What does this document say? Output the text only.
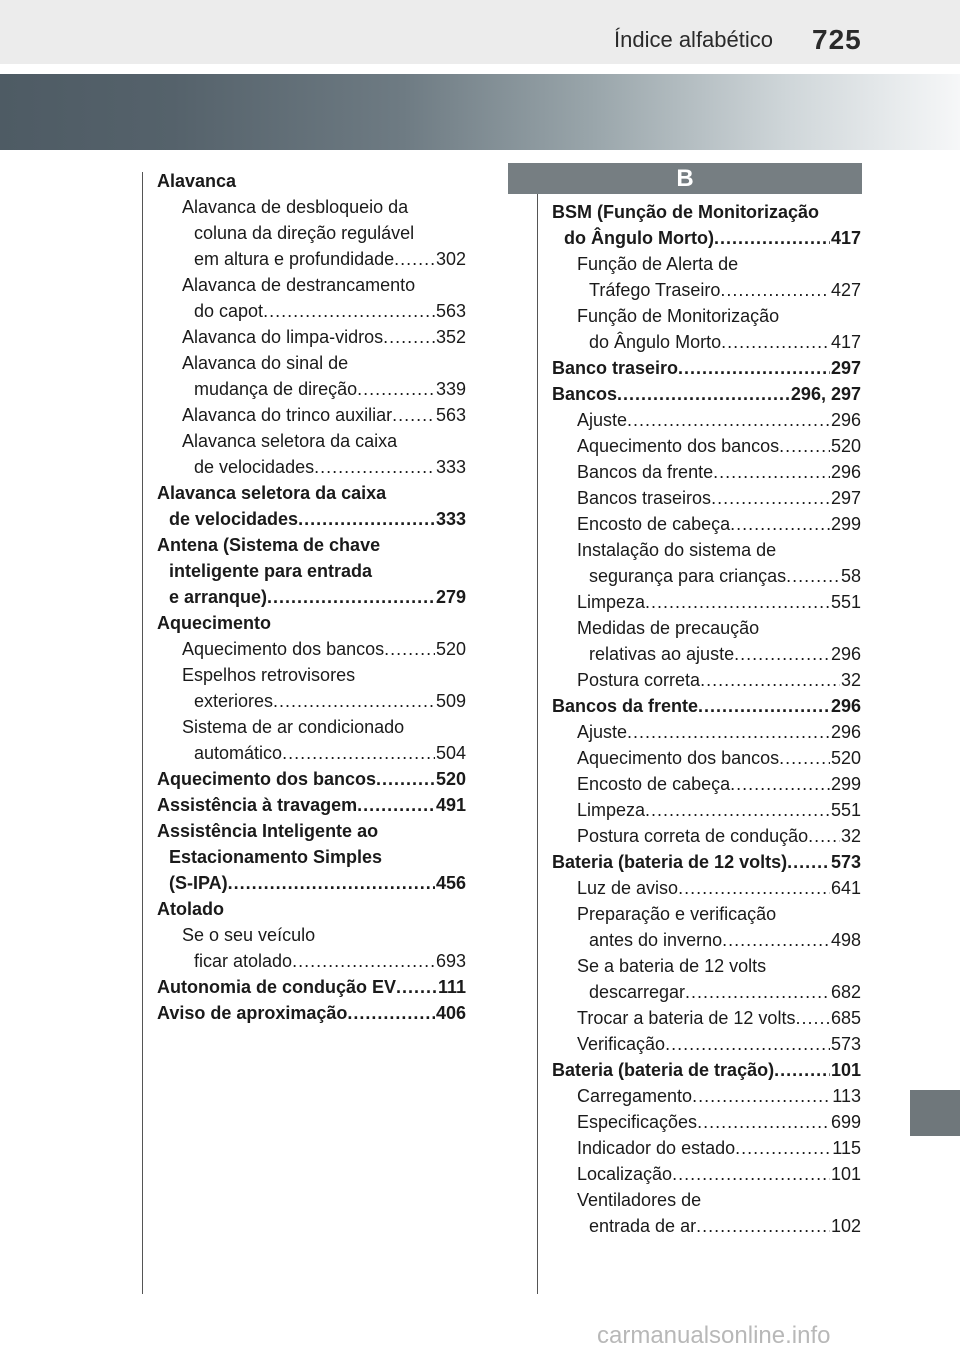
Índice alfabético 725
B
Alavanca
Alavanca de desbloqueio da
coluna da direção regulável
em altura e profundidade ..... 302
Alavanca de destrancamento
do capot .....	563
Alavanca do limpa-vidros .....	352
Alavanca do sinal de
mudança de direção .....	339
Alavanca do trinco auxiliar ..... 563
Alavanca seletora da caixa
de velocidades .....	333
Alavanca seletora da caixa
de velocidades .....	333
Antena (Sistema de chave
inteligente para entrada
e arranque) .....	279
Aquecimento
Aquecimento dos bancos .....	520
Espelhos retrovisores
exteriores .....	509
Sistema de ar condicionado
automático .....	504
Aquecimento dos bancos .....	520
Assistência à travagem .....	491
Assistência Inteligente ao
Estacionamento Simples
(S-IPA) .....	456
Atolado
Se o seu veículo
ficar atolado .....	693
Autonomia de condução EV ..... 111
Aviso de aproximação .....	406
BSM (Função de Monitorização
do Ângulo Morto) .....	417
Função de Alerta de
Tráfego Traseiro .....	427
Função de Monitorização
do Ângulo Morto .....	417
Banco traseiro .....	297
Bancos .....	296, 297
Ajuste .....	296
Aquecimento dos bancos .....	520
Bancos da frente .....	296
Bancos traseiros .....	297
Encosto de cabeça .....	299
Instalação do sistema de
segurança para crianças .....	58
Limpeza .....	551
Medidas de precaução
relativas ao ajuste .....	296
Postura correta .....	32
Bancos da frente .....	296
Ajuste .....	296
Aquecimento dos bancos .....	520
Encosto de cabeça .....	299
Limpeza .....	551
Postura correta de condução ..... 32
Bateria (bateria de 12 volts) ..... 573
Luz de aviso .....	641
Preparação e verificação
antes do inverno .....	498
Se a bateria de 12 volts
descarregar .....	682
Trocar a bateria de 12 volts ..... 685
Verificação .....	573
Bateria (bateria de tração) .....	101
Carregamento .....	113
Especificações .....	699
Indicador do estado .....	115
Localização .....	101
Ventiladores de
entrada de ar .....	102
carmanualsonline.info
